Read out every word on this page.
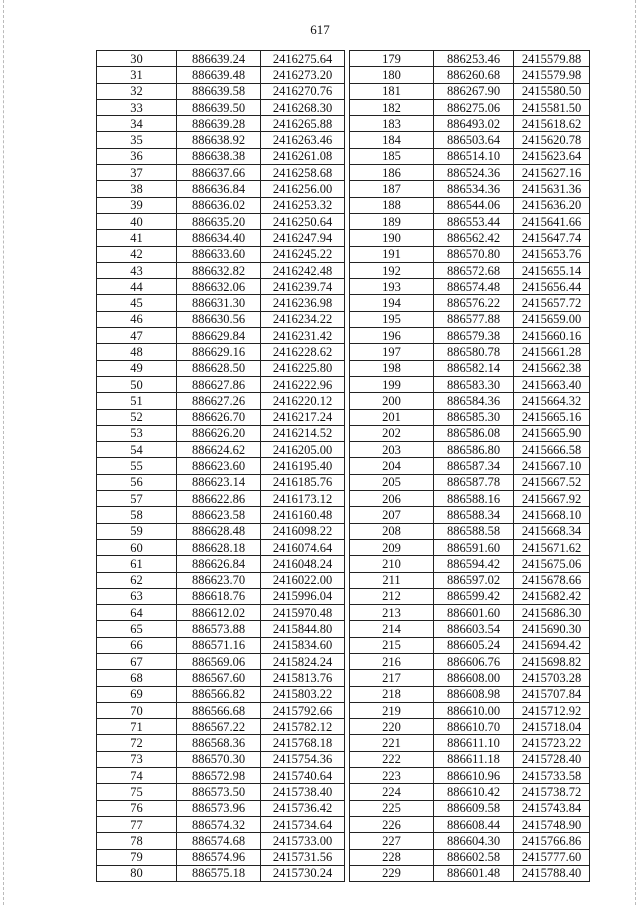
617
30	886639.24	2416275.64		179	886253.46	2415579.88
31	886639.48	2416273.20		180	886260.68	2415579.98
32	886639.58	2416270.76		181	886267.90	2415580.50
33	886639.50	2416268.30		182	886275.06	2415581.50
34	886639.28	2416265.88		183	886493.02	2415618.62
35	886638.92	2416263.46		184	886503.64	2415620.78
36	886638.38	2416261.08		185	886514.10	2415623.64
37	886637.66	2416258.68		186	886524.36	2415627.16
38	886636.84	2416256.00		187	886534.36	2415631.36
39	886636.02	2416253.32		188	886544.06	2415636.20
40	886635.20	2416250.64		189	886553.44	2415641.66
41	886634.40	2416247.94		190	886562.42	2415647.74
42	886633.60	2416245.22		191	886570.80	2415653.76
43	886632.82	2416242.48		192	886572.68	2415655.14
44	886632.06	2416239.74		193	886574.48	2415656.44
45	886631.30	2416236.98		194	886576.22	2415657.72
46	886630.56	2416234.22		195	886577.88	2415659.00
47	886629.84	2416231.42		196	886579.38	2415660.16
48	886629.16	2416228.62		197	886580.78	2415661.28
49	886628.50	2416225.80		198	886582.14	2415662.38
50	886627.86	2416222.96		199	886583.30	2415663.40
51	886627.26	2416220.12		200	886584.36	2415664.32
52	886626.70	2416217.24		201	886585.30	2415665.16
53	886626.20	2416214.52		202	886586.08	2415665.90
54	886624.62	2416205.00		203	886586.80	2415666.58
55	886623.60	2416195.40		204	886587.34	2415667.10
56	886623.14	2416185.76		205	886587.78	2415667.52
57	886622.86	2416173.12		206	886588.16	2415667.92
58	886623.58	2416160.48		207	886588.34	2415668.10
59	886628.48	2416098.22		208	886588.58	2415668.34
60	886628.18	2416074.64		209	886591.60	2415671.62
61	886626.84	2416048.24		210	886594.42	2415675.06
62	886623.70	2416022.00		211	886597.02	2415678.66
63	886618.76	2415996.04		212	886599.42	2415682.42
64	886612.02	2415970.48		213	886601.60	2415686.30
65	886573.88	2415844.80		214	886603.54	2415690.30
66	886571.16	2415834.60		215	886605.24	2415694.42
67	886569.06	2415824.24		216	886606.76	2415698.82
68	886567.60	2415813.76		217	886608.00	2415703.28
69	886566.82	2415803.22		218	886608.98	2415707.84
70	886566.68	2415792.66		219	886610.00	2415712.92
71	886567.22	2415782.12		220	886610.70	2415718.04
72	886568.36	2415768.18		221	886611.10	2415723.22
73	886570.30	2415754.36		222	886611.18	2415728.40
74	886572.98	2415740.64		223	886610.96	2415733.58
75	886573.50	2415738.40		224	886610.42	2415738.72
76	886573.96	2415736.42		225	886609.58	2415743.84
77	886574.32	2415734.64		226	886608.44	2415748.90
78	886574.68	2415733.00		227	886604.30	2415766.86
79	886574.96	2415731.56		228	886602.58	2415777.60
80	886575.18	2415730.24		229	886601.48	2415788.40
